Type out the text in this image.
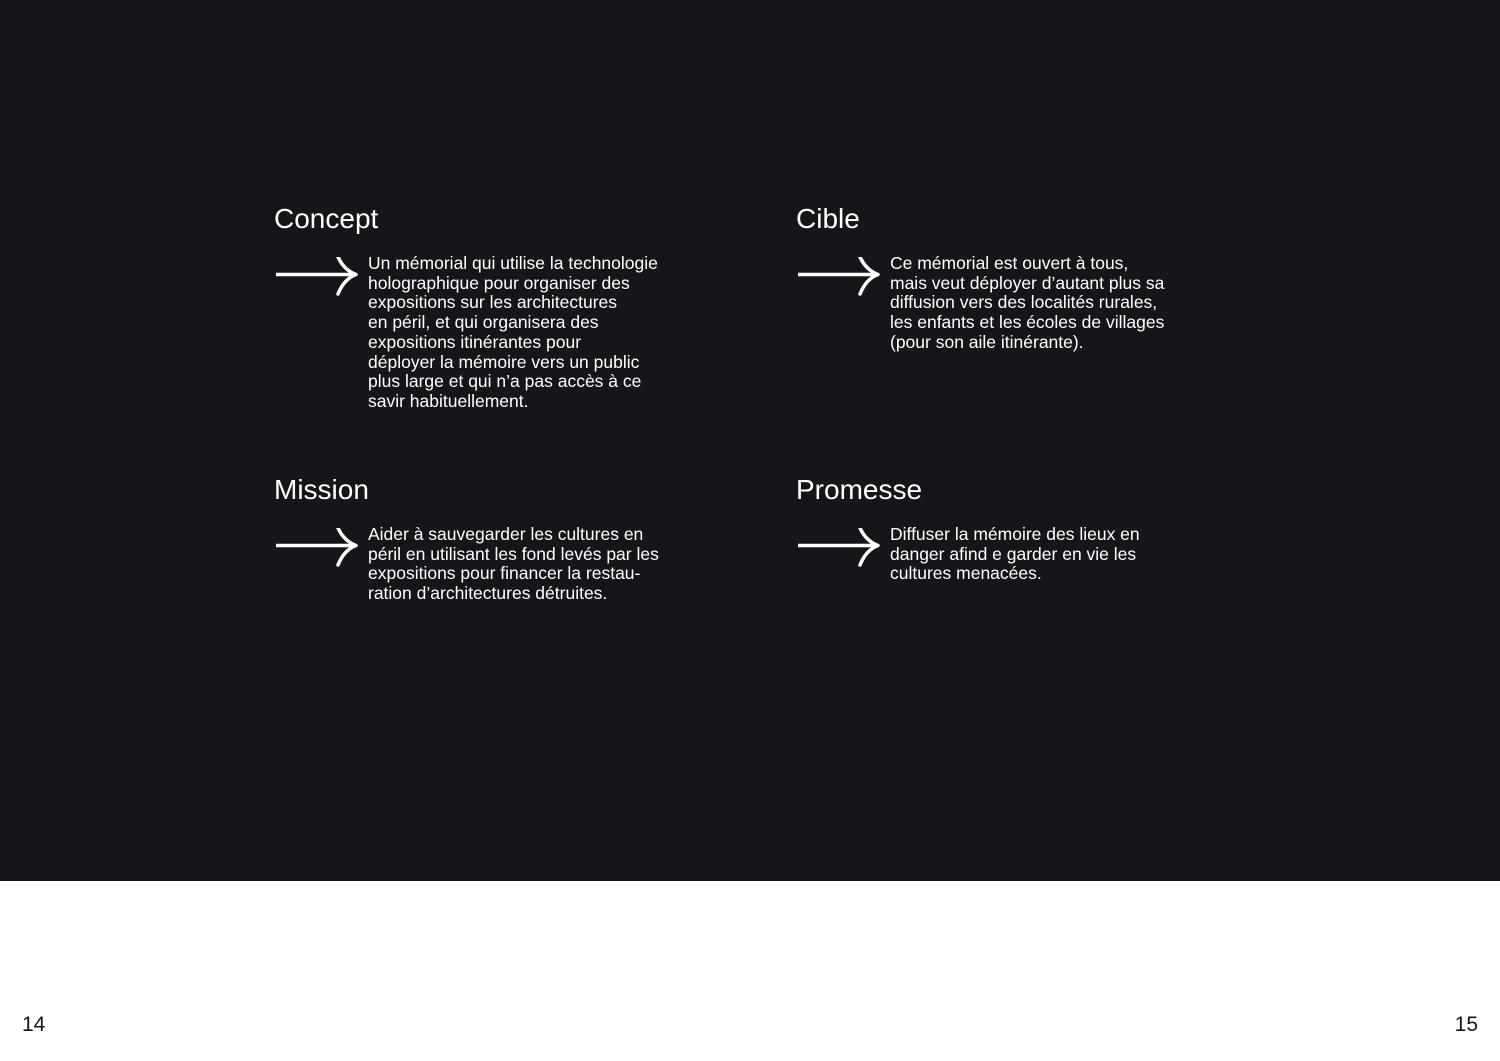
Concept

Un mémorial qui utilise la technologie
holographique pour organiser des
expositions sur les architectures
en péril, et qui organisera des
expositions itinérantes pour
déployer la mémoire vers un public
plus large et qui n’a pas accès à ce
savir habituellement.

Cible

Ce mémorial est ouvert à tous,
mais veut déployer d’autant plus sa
diffusion vers des localités rurales,
les enfants et les écoles de villages
(pour son aile itinérante).

Mission

Aider à sauvegarder les cultures en
péril en utilisant les fond levés par les
expositions pour financer la restau-
ration d’architectures détruites.

Promesse

Diffuser la mémoire des lieux en
danger afind e garder en vie les
cultures menacées.

14	15
